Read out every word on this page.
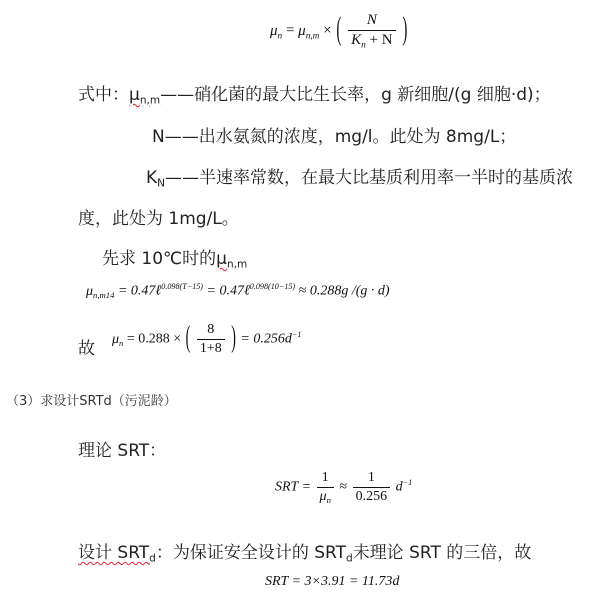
$\mu_n = \mu_{n,m}$ × ( $\frac{N}{K_n + N}$ )
式中：$\mu_{n,m}——$硝化菌的最大比生长率，g 新细胞/(g 细胞·d)；
N——出水氨氮的浓度，mg/l。此处为 8mg/L；
$K_N——$半速率常数，在最大比基质利用率一半时的基质浓
度，此处为 1mg/L。
先求 10℃时的$\mu_{n,m}$
$\mu_{n,m14}$ = 0.47ℓ$^{0.098(T-15)}$ = 0.47ℓ$^{0.098(10-15)}$ ≈ 0.288g /(g · d)
故 $\mu_n = 0.288$ × ( $\frac{8}{1+8}$ ) = $0.256d^{-1}$
（3）求设计SRTd（污泥龄）
理论 SRT：
SRT = $\frac{1}{\mu_n} \approx \frac{1}{0.256} d^{-1}$
设计 $SRT_d$：为保证安全设计的 $SRT_d$未理论 SRT 的三倍，故
SRT = 3×3.91 = 11.73d
